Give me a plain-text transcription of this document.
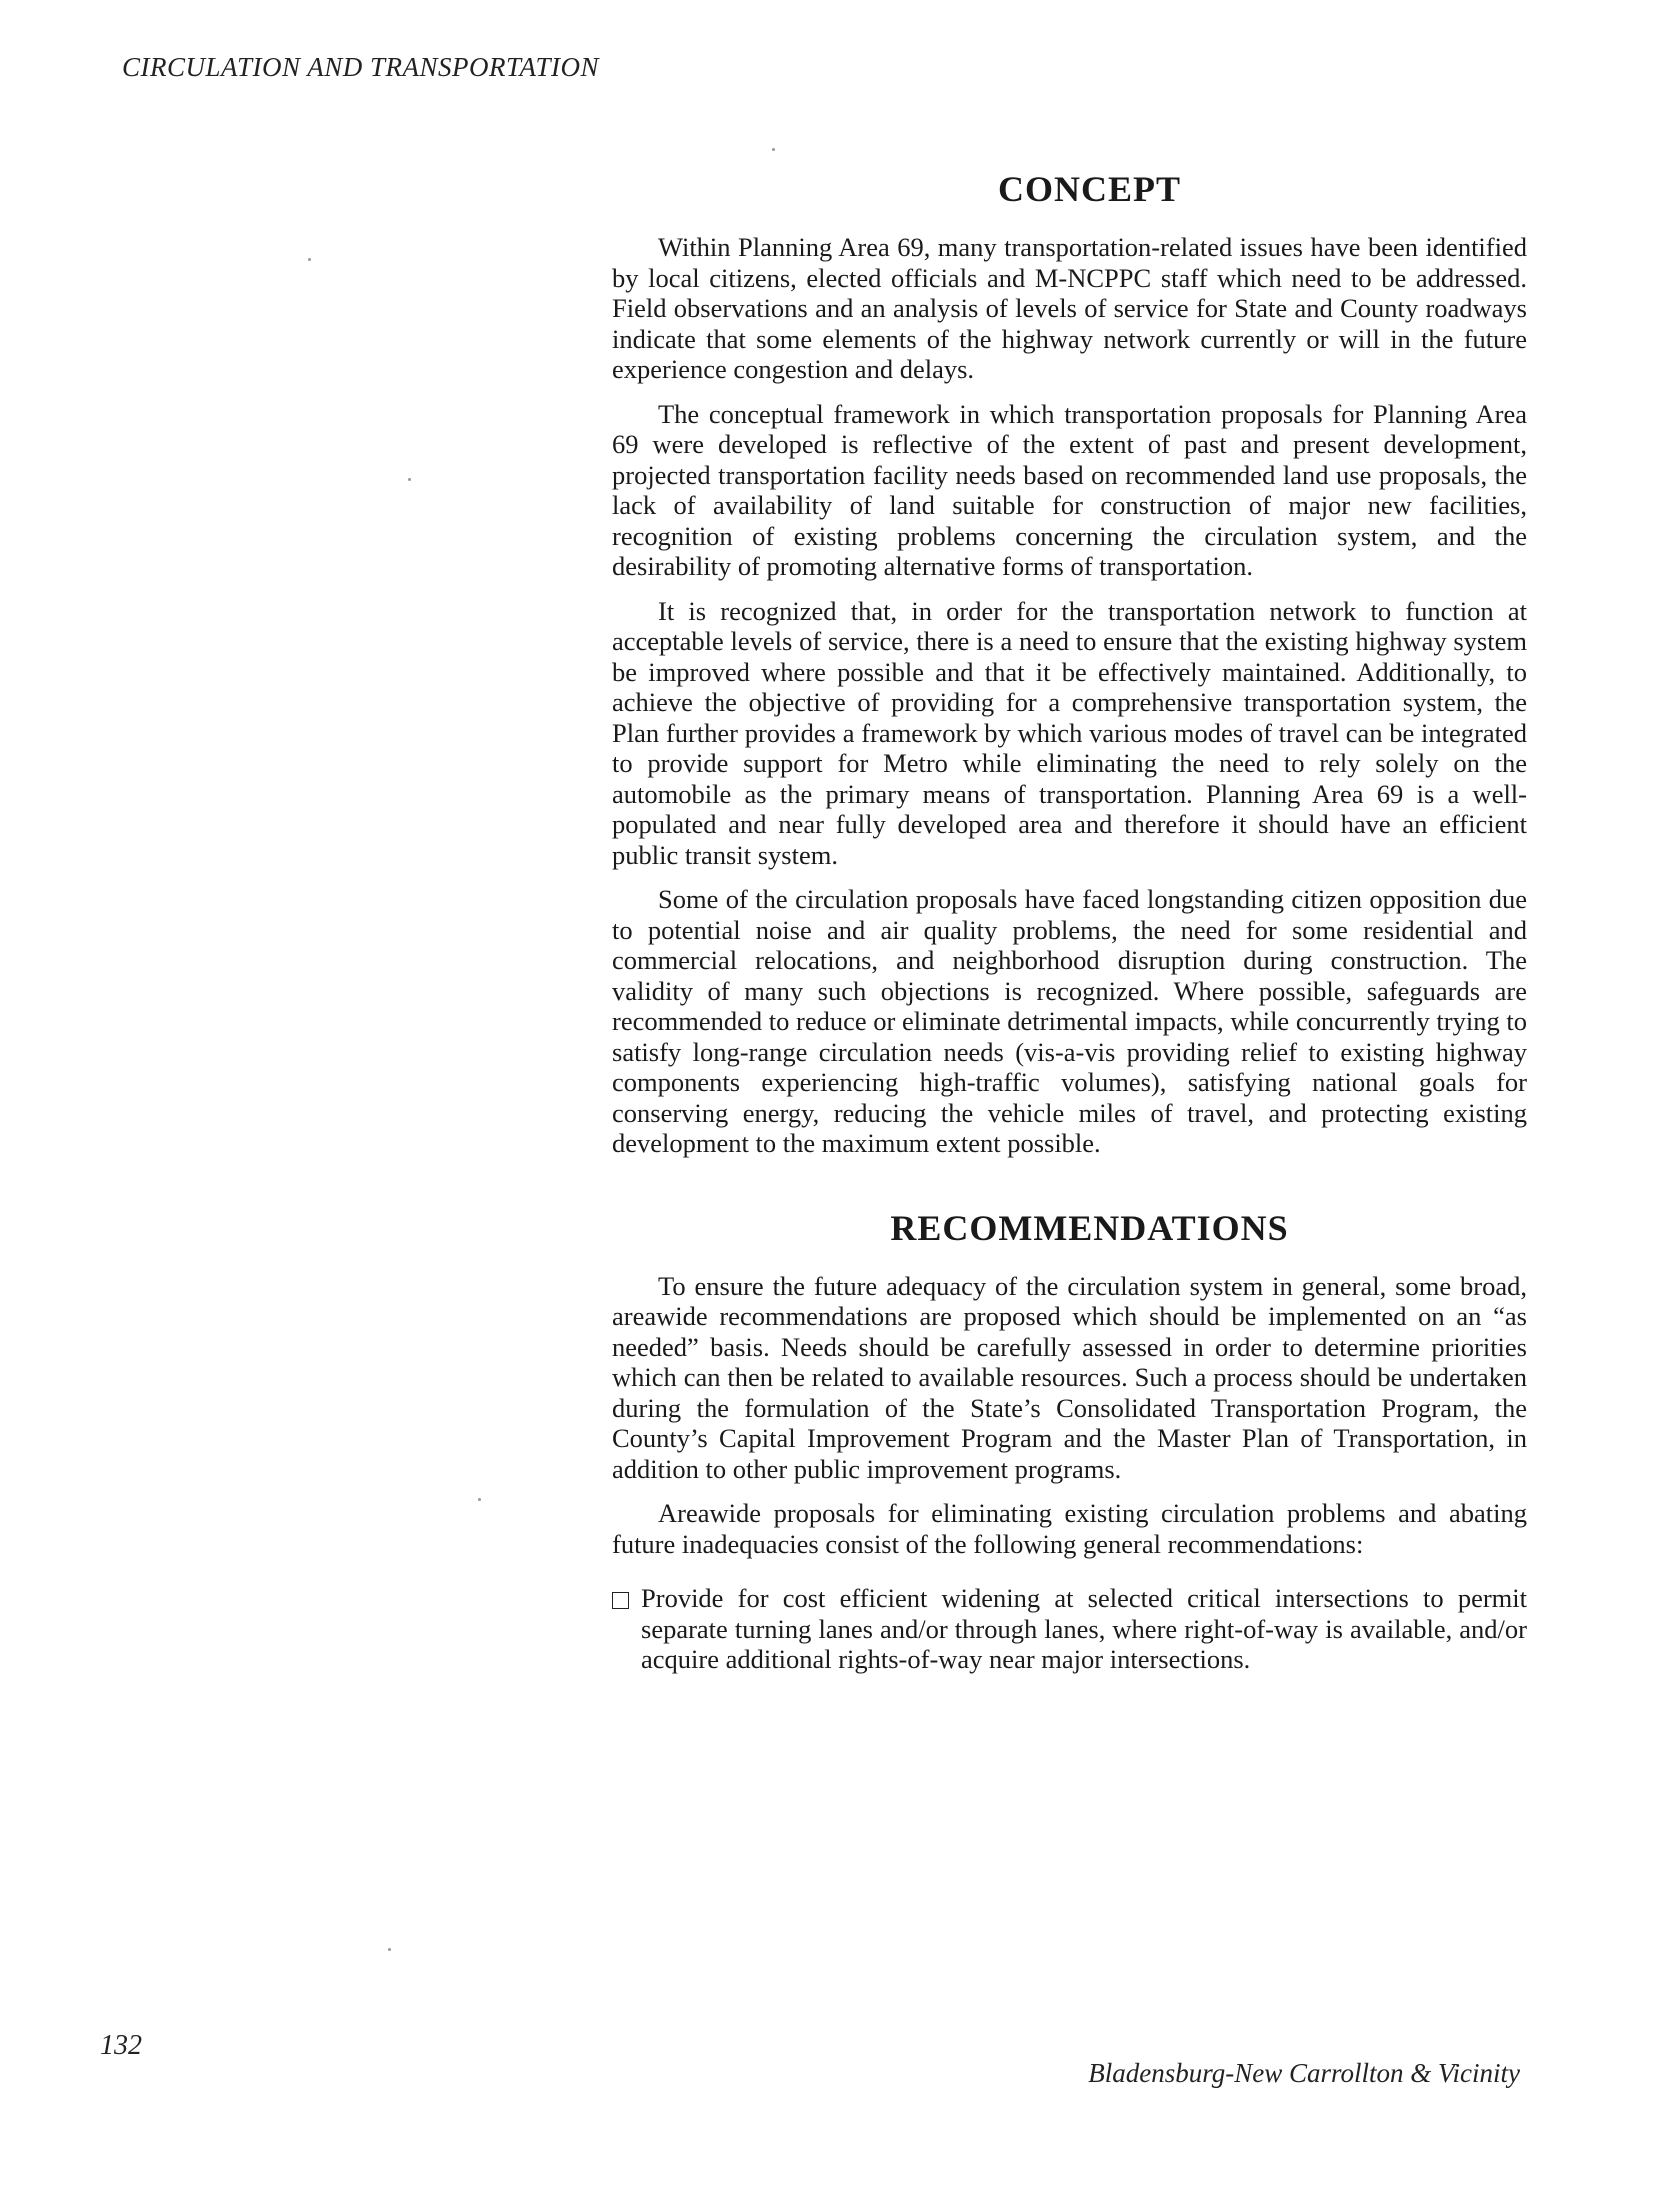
CIRCULATION AND TRANSPORTATION
CONCEPT

Within Planning Area 69, many transportation-related issues have been identified by local citizens, elected officials and M-NCPPC staff which need to be addressed. Field observations and an analysis of levels of service for State and County roadways indicate that some elements of the highway network currently or will in the future experience congestion and delays.

The conceptual framework in which transportation proposals for Planning Area 69 were developed is reflective of the extent of past and present development, projected transportation facility needs based on recommended land use proposals, the lack of availability of land suitable for construction of major new facilities, recognition of existing problems concerning the circulation system, and the desirability of promoting alternative forms of transportation.

It is recognized that, in order for the transportation network to function at acceptable levels of service, there is a need to ensure that the existing highway system be improved where possible and that it be effectively maintained. Additionally, to achieve the objective of providing for a comprehensive transportation system, the Plan further provides a framework by which various modes of travel can be integrated to provide support for Metro while eliminating the need to rely solely on the automobile as the primary means of transportation. Planning Area 69 is a well-populated and near fully developed area and therefore it should have an efficient public transit system.

Some of the circulation proposals have faced longstanding citizen opposition due to potential noise and air quality problems, the need for some residential and commercial relocations, and neighborhood disruption during construction. The validity of many such objections is recognized. Where possible, safeguards are recommended to reduce or eliminate detrimental impacts, while concurrently trying to satisfy long-range circulation needs (vis-a-vis providing relief to existing highway components experiencing high-traffic volumes), satisfying national goals for conserving energy, reducing the vehicle miles of travel, and protecting existing development to the maximum extent possible.

RECOMMENDATIONS

To ensure the future adequacy of the circulation system in general, some broad, areawide recommendations are proposed which should be implemented on an “as needed” basis. Needs should be carefully assessed in order to determine priorities which can then be related to available resources. Such a process should be undertaken during the formulation of the State’s Consolidated Transportation Program, the County’s Capital Improvement Program and the Master Plan of Transportation, in addition to other public improvement programs.

Areawide proposals for eliminating existing circulation problems and abating future inadequacies consist of the following general recommendations:

Provide for cost efficient widening at selected critical intersections to permit separate turning lanes and/or through lanes, where right-of-way is available, and/or acquire additional rights-of-way near major intersections.

132
Bladensburg-New Carrollton & Vicinity
